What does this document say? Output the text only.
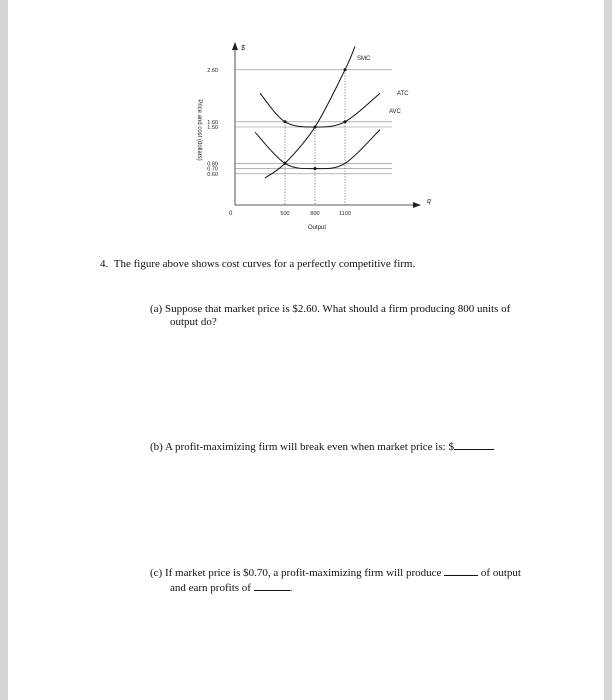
$
q
Price and cost (dollars)
Output
0
0.60
0.70
0.80
1.50
1.60
2.60
500	800	1100
SMC
ATC
AVC
4. The figure above shows cost curves for a perfectly competitive firm.
(a) Suppose that market price is $2.60. What should a firm producing 800 units of
output do?
(b) A profit-maximizing firm will break even when market price is: $
(c) If market price is $0.70, a profit-maximizing firm will produce	of output
and earn profits of	.
